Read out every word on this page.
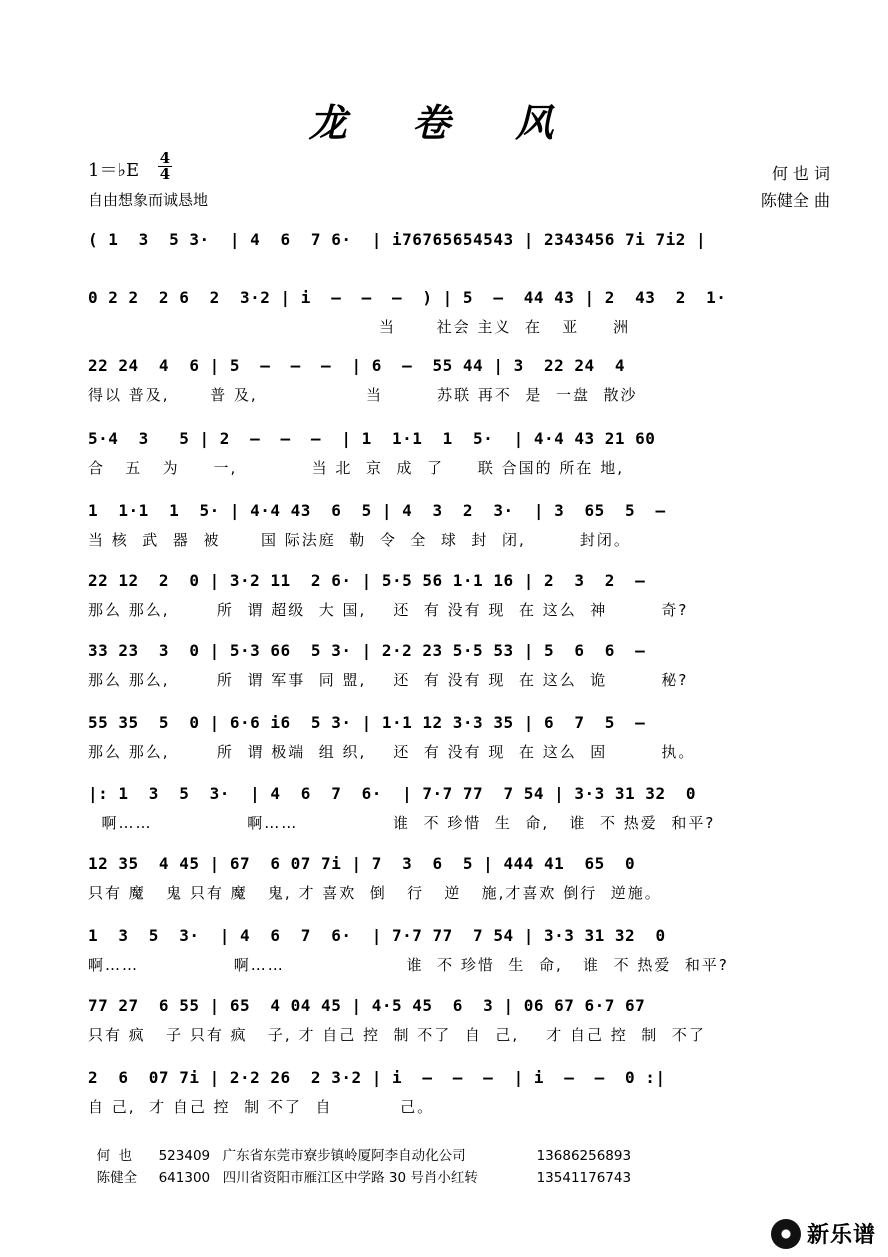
龙 卷 风
1＝♭E
4
4
自由想象而诚恳地
何 也 词
陈健全 曲
( 1  3  5 3·  | 4  6  7 6·  | i76765654543 | 2343456 7i 7i2 |
0 2 2  2 6  2  3·2 | i  –  –  –  ) | 5  –  44 43 | 2  43  2  1·
当      社会 主义  在   亚     洲
22 24  4  6 | 5  –  –  –  | 6  –  55 44 | 3  22 24  4
得以 普及,      普 及,                当        苏联 再不  是  一盘  散沙
5·4  3   5 | 2  –  –  –  | 1  1·1  1  5·  | 4·4 43 21 60
合   五   为     一,           当 北  京  成  了     联 合国的 所在 地,
1  1·1  1  5· | 4·4 43  6  5 | 4  3  2  3·  | 3  65  5  –
当 核  武  器  被      国 际法庭  勒  令  全  球  封  闭,        封闭。
22 12  2  0 | 3·2 11  2 6· | 5·5 56 1·1 16 | 2  3  2  –
那么 那么,       所  谓 超级  大 国,    还  有 没有 现  在 这么  神        奇?
33 23  3  0 | 5·3 66  5 3· | 2·2 23 5·5 53 | 5  6  6  –
那么 那么,       所  谓 军事  同 盟,    还  有 没有 现  在 这么  诡        秘?
55 35  5  0 | 6·6 i6  5 3· | 1·1 12 3·3 35 | 6  7  5  –
那么 那么,       所  谓 极端  组 织,    还  有 没有 现  在 这么  固        执。
|: 1  3  5  3·  | 4  6  7  6·  | 7·7 77  7 54 | 3·3 31 32  0
啊……              啊……              谁  不 珍惜  生  命,   谁  不 热爱  和平?
12 35  4 45 | 67  6 07 7i | 7  3  6  5 | 444 41  65  0
只有 魔   鬼 只有 魔   鬼, 才 喜欢  倒   行   逆   施,才喜欢 倒行  逆施。
1  3  5  3·  | 4  6  7  6·  | 7·7 77  7 54 | 3·3 31 32  0
啊……              啊……                  谁  不 珍惜  生  命,   谁  不 热爱  和平?
77 27  6 55 | 65  4 04 45 | 4·5 45  6  3 | 06 67 6·7 67
只有 疯   子 只有 疯   子, 才 自己 控  制 不了  自  己,    才 自己 控  制  不了
2  6  07 7i | 2·2 26  2 3·2 | i  –  –  –  | i  –  –  0 :|
自 己,  才 自己 控  制 不了  自          己。

何  也 523409 广东省东莞市寮步镇岭厦阿李自动化公司	13686256893

陈健全 641300 四川省资阳市雁江区中学路 30 号肖小红转	13541176743

新乐谱
